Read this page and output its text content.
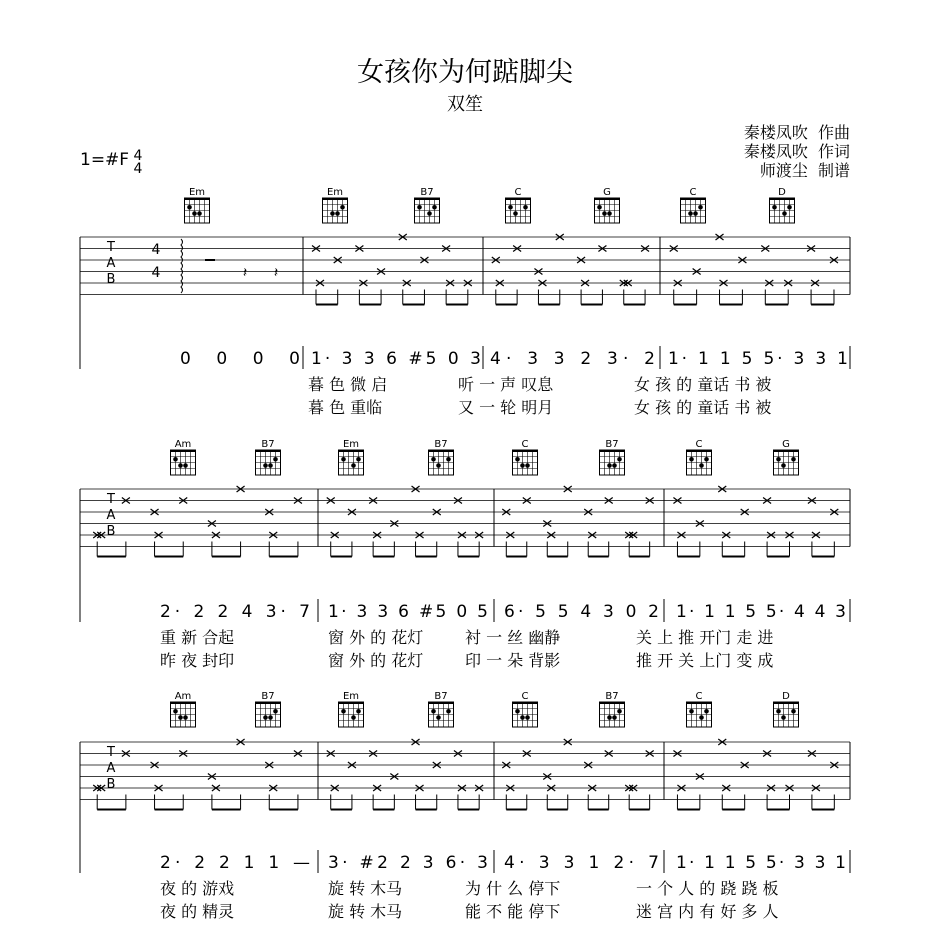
女孩你为何踮脚尖
双笙
秦楼凤吹  作曲
秦楼凤吹  作词
师渡尘  制谱
1=#F 4
4
T
A
B
4
4	𝄽 𝄽
Em	Em	B7	C	G	C	D
0 0 0 0 1· 3 3 6 #5 0 3 4· 3 3 2 3· 2 1· 1 1 5 5· 3 3 1
暮 色 微 启	听 一 声 叹息	女 孩 的 童话 书 被
暮 色 重临	又 一 轮 明月	女 孩 的 童话 书 被
T
A
B
Am	B7	Em	B7	C	B7	C	G
2· 2 2 4 3· 7 1· 3 3 6 #5 0 5 6· 5 5 4 3 0 2 1· 1 1 5 5· 4 4 3
重 新 合起	窗 外 的 花灯	衬 一 丝 幽静	关 上 推 开门 走 进
昨 夜 封印	窗 外 的 花灯	印 一 朵 背影	推 开 关 上门 变 成
T
A
B
Am	B7	Em	B7	C	B7	C	D
2· 2 2 1 1 — 3· #2 2 3 6· 3 4· 3 3 1 2· 7 1· 1 1 5 5· 3 3 1
夜 的 游戏	旋 转 木马	为 什 么 停下	一 个 人 的 跷 跷 板
夜 的 精灵	旋 转 木马	能 不 能 停下	迷 宫 内 有 好 多 人
